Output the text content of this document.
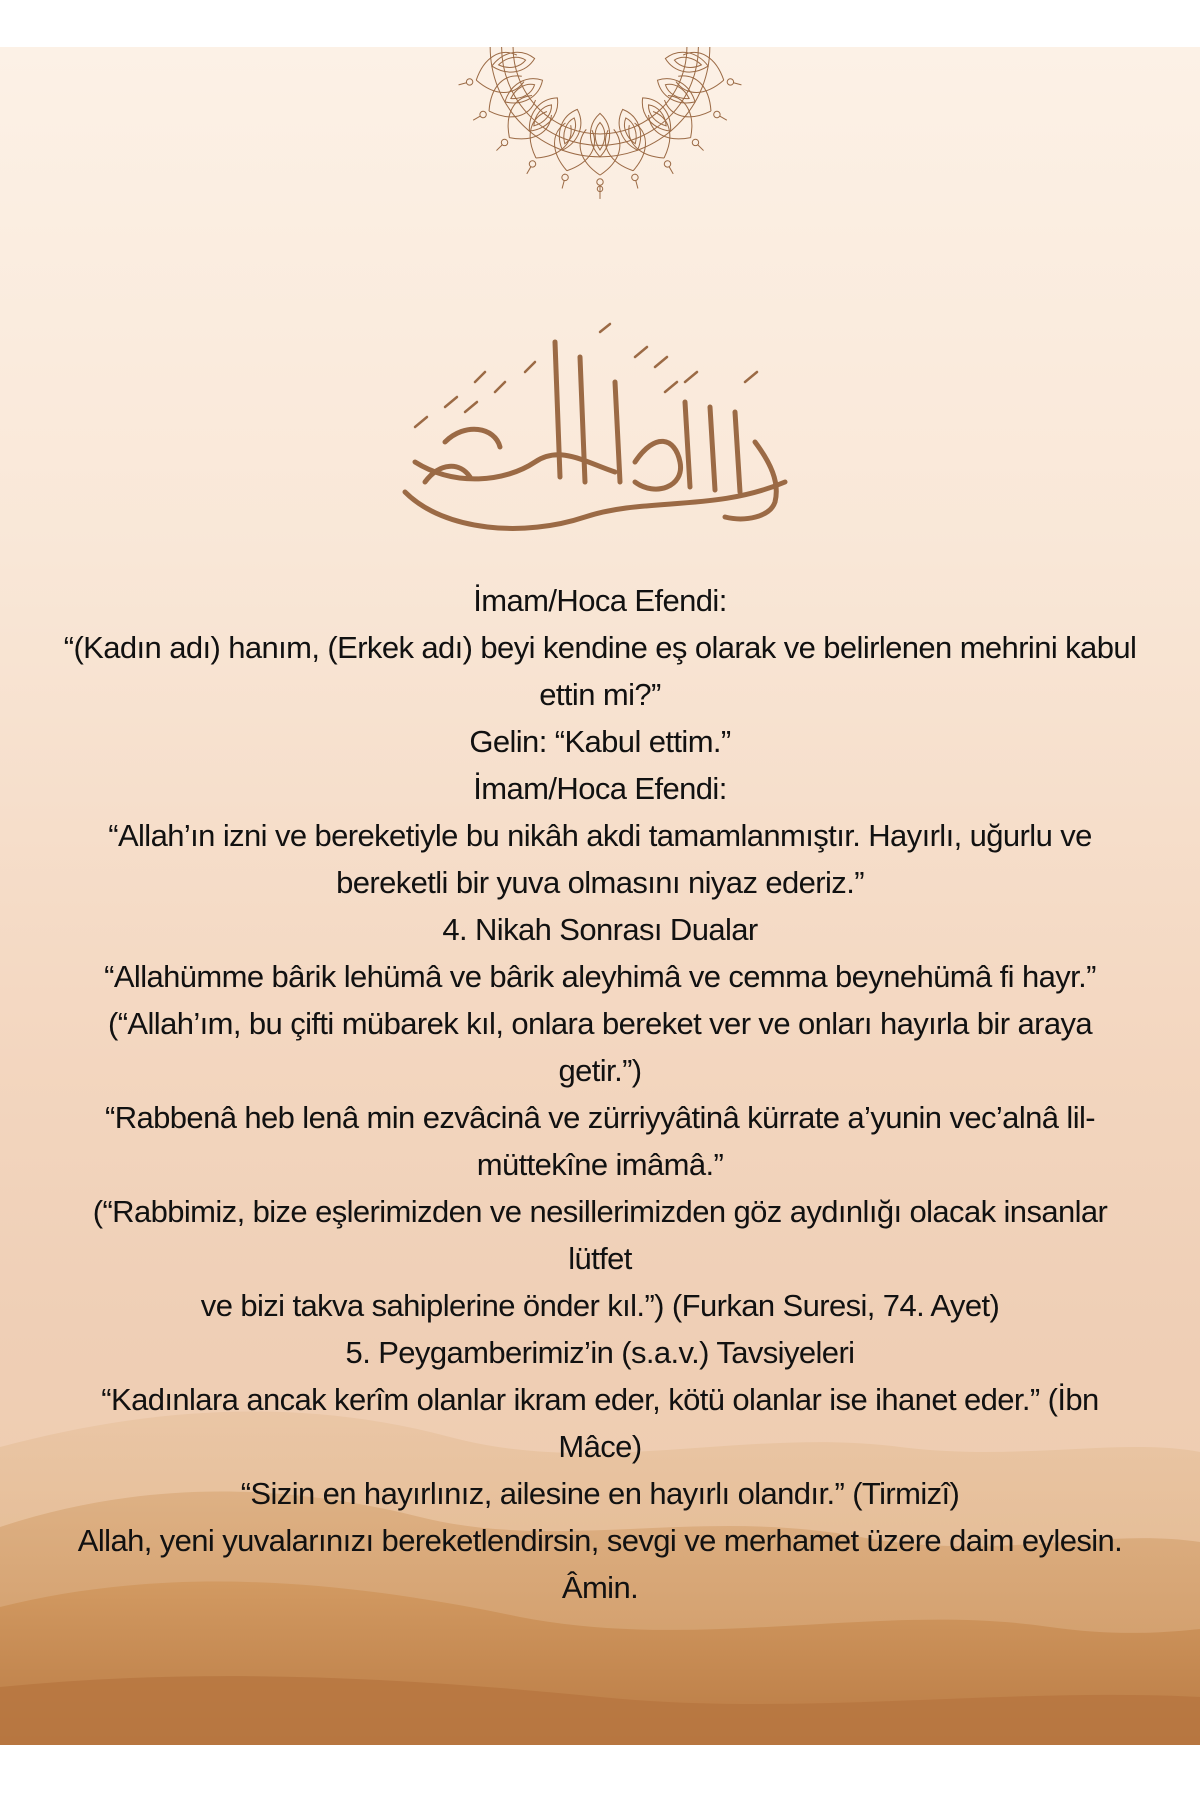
İmam/Hoca Efendi:
“(Kadın adı) hanım, (Erkek adı) beyi kendine eş olarak ve belirlenen mehrini kabul
ettin mi?”
Gelin: “Kabul ettim.”
İmam/Hoca Efendi:
“Allah’ın izni ve bereketiyle bu nikâh akdi tamamlanmıştır. Hayırlı, uğurlu ve
bereketli bir yuva olmasını niyaz ederiz.”
4. Nikah Sonrası Dualar
“Allahümme bârik lehümâ ve bârik aleyhimâ ve cemma beynehümâ fi hayr.”
(“Allah’ım, bu çifti mübarek kıl, onlara bereket ver ve onları hayırla bir araya
getir.”)
“Rabbenâ heb lenâ min ezvâcinâ ve zürriyyâtinâ kürrate a’yunin vec’alnâ lil-
müttekîne imâmâ.”
(“Rabbimiz, bize eşlerimizden ve nesillerimizden göz aydınlığı olacak insanlar lütfet
ve bizi takva sahiplerine önder kıl.”) (Furkan Suresi, 74. Ayet)
5. Peygamberimiz’in (s.a.v.) Tavsiyeleri
“Kadınlara ancak kerîm olanlar ikram eder, kötü olanlar ise ihanet eder.” (İbn
Mâce)
“Sizin en hayırlınız, ailesine en hayırlı olandır.” (Tirmizî)
Allah, yeni yuvalarınızı bereketlendirsin, sevgi ve merhamet üzere daim eylesin.
Âmin.
